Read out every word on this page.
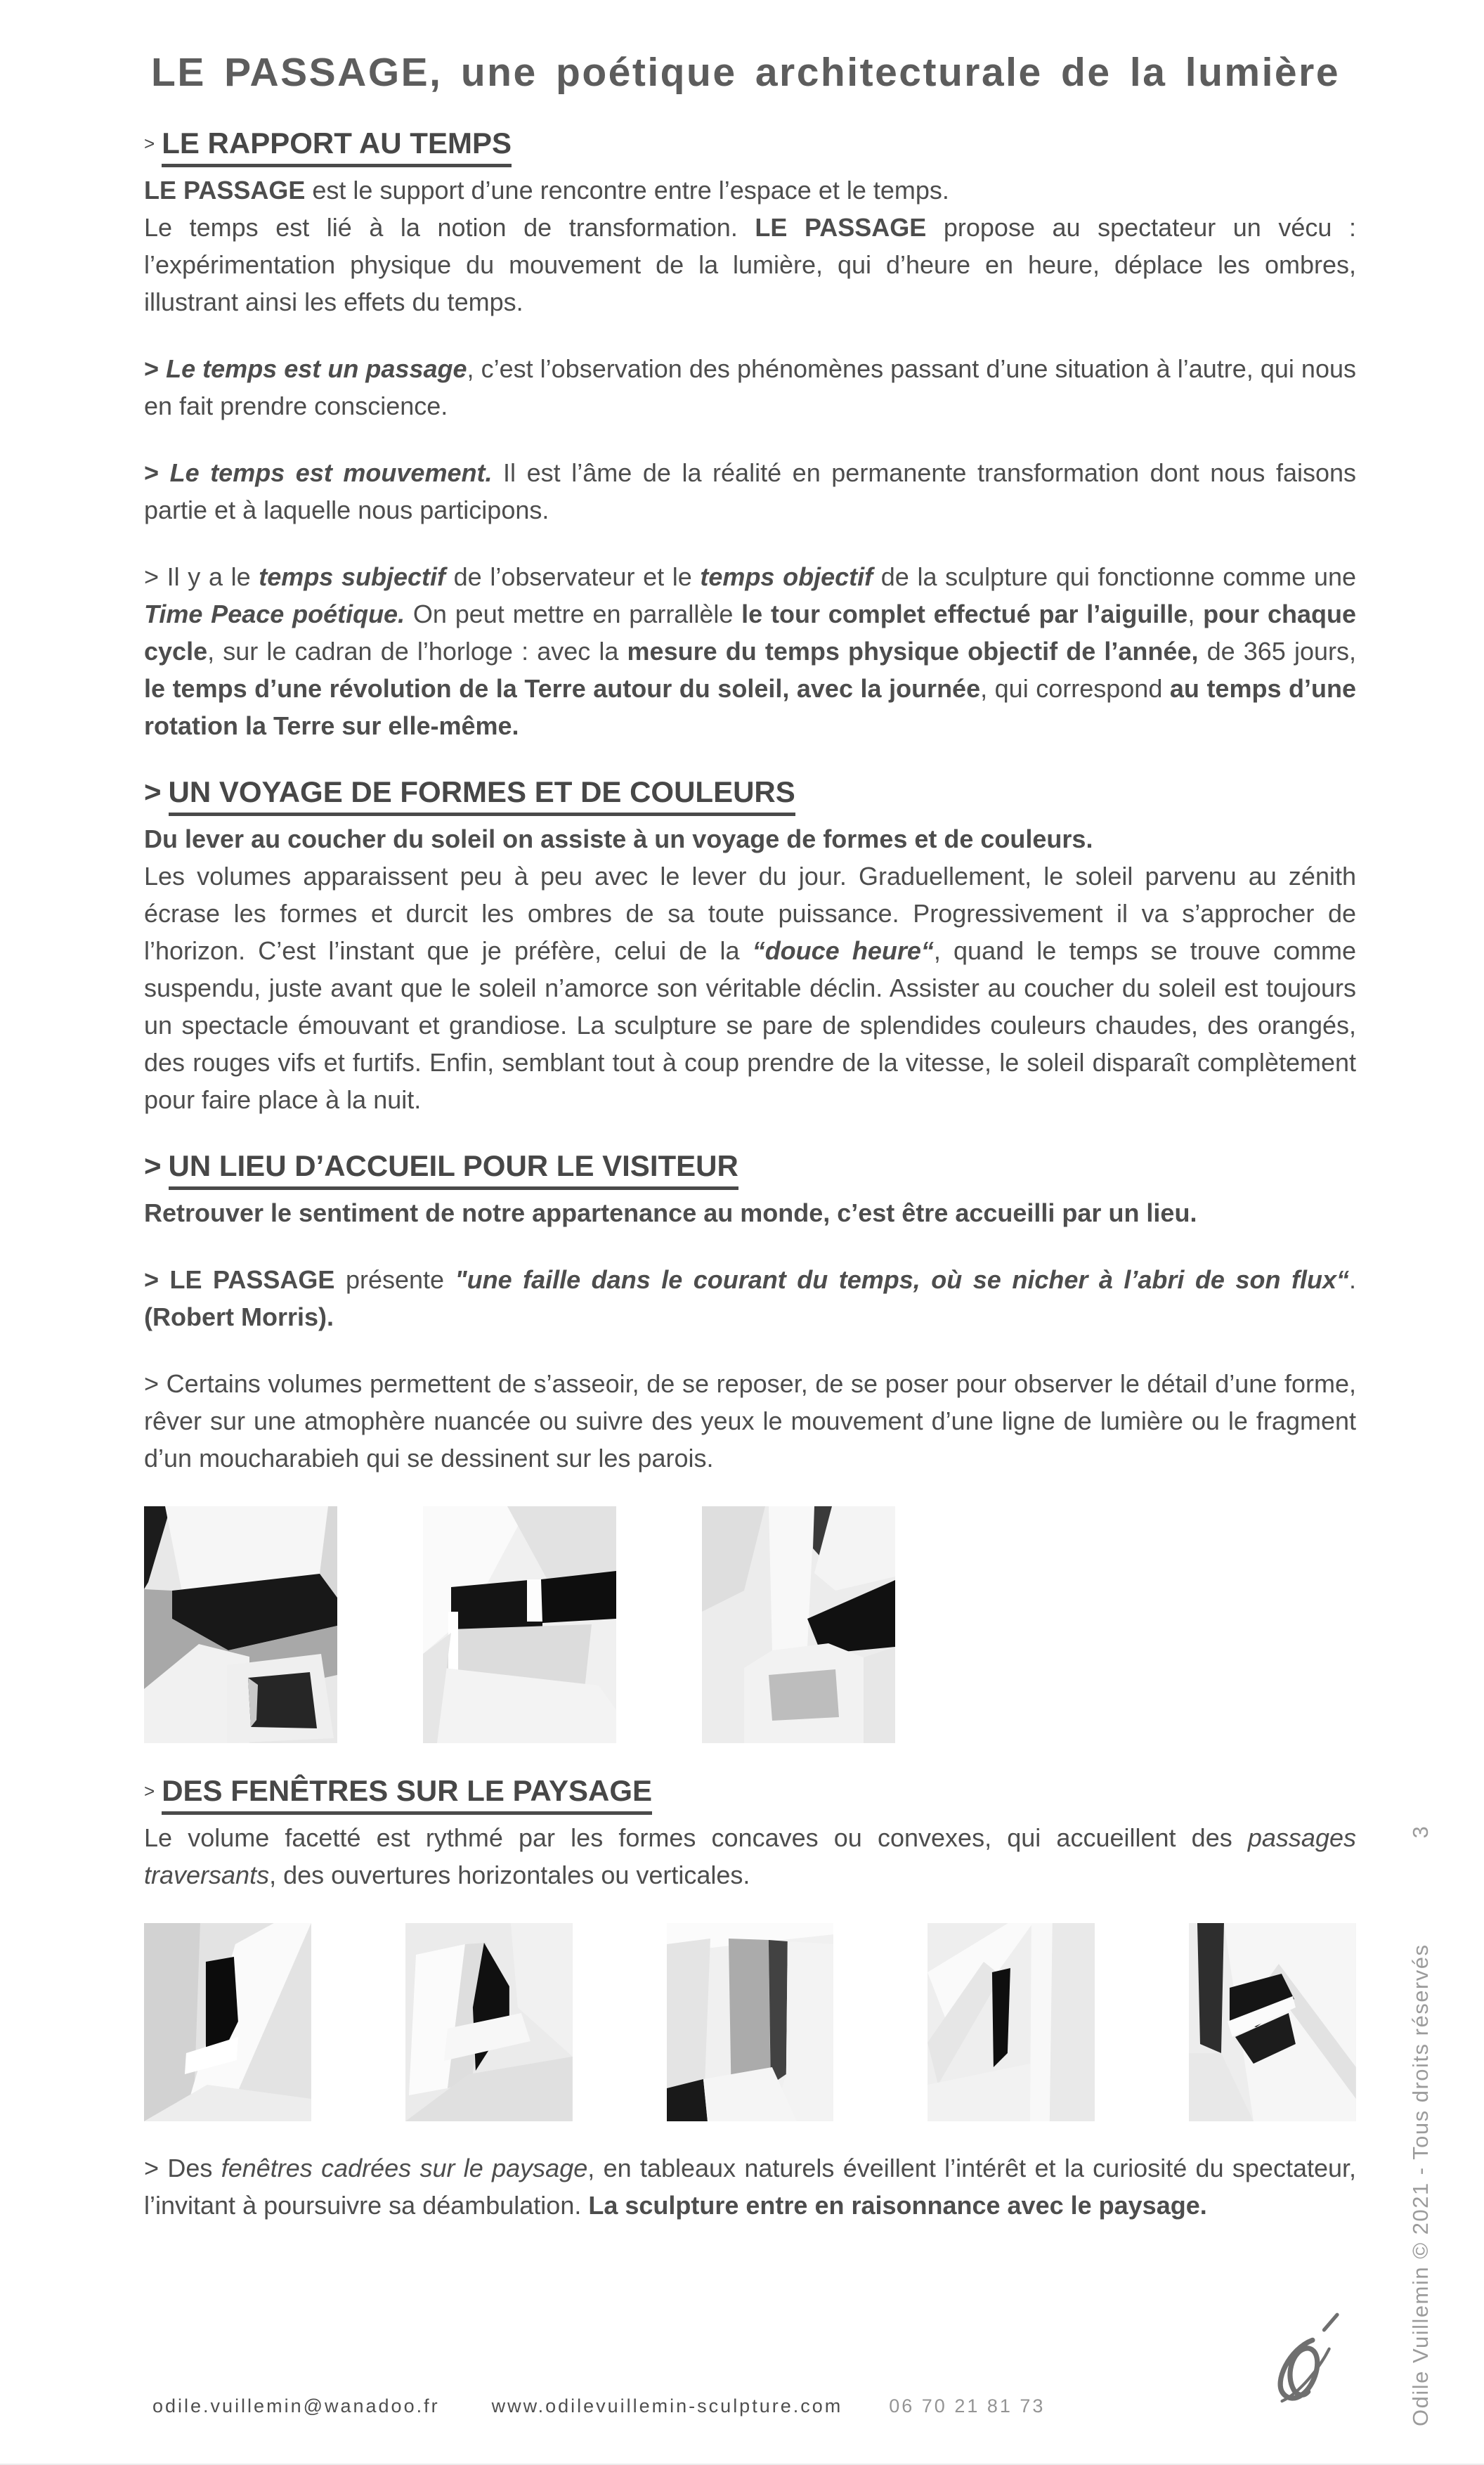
LE PASSAGE, une poétique architecturale de la lumière
> LE RAPPORT AU TEMPS

LE PASSAGE est le support d’une rencontre entre l’espace et le temps.

Le temps est lié à la notion de transformation. LE PASSAGE propose au spectateur un vécu : l’expérimentation physique du mouvement de la lumière, qui d’heure en heure, déplace les ombres, illustrant ainsi les effets du temps.

> Le temps est un passage, c’est l’observation des phénomènes passant d’une situation à l’autre, qui nous en fait prendre conscience.

> Le temps est mouvement. Il est l’âme de la réalité en permanente transformation dont nous faisons partie et à laquelle nous participons.

> Il y a le temps subjectif de l’observateur et le temps objectif de la sculpture qui fonctionne comme une Time Peace poétique. On peut mettre en parrallèle le tour complet effectué par l’aiguille, pour chaque cycle, sur le cadran de l’horloge : avec la mesure du temps physique objectif de l’année, de 365 jours, le temps d’une révolution de la Terre autour du soleil, avec la journée, qui correspond au temps d’une rotation la Terre sur elle-même.

> UN VOYAGE DE FORMES ET DE COULEURS

Du lever au coucher du soleil on assiste à un voyage de formes et de couleurs.

Les volumes apparaissent peu à peu avec le lever du jour. Graduellement, le soleil parvenu au zénith écrase les formes et durcit les ombres de sa toute puissance. Progressivement il va s’approcher de l’horizon. C’est l’instant que je préfère, celui de la “douce heure“, quand le temps se trouve comme suspendu, juste avant que le soleil n’amorce son véritable déclin. Assister au coucher du soleil est toujours un spectacle émouvant et grandiose. La sculpture se pare de splendides couleurs chaudes, des orangés, des rouges vifs et furtifs. Enfin, semblant tout à coup prendre de la vitesse, le soleil disparaît complètement pour faire place à la nuit.

> UN LIEU D’ACCUEIL POUR LE VISITEUR

Retrouver le sentiment de notre appartenance au monde, c’est être accueilli par un lieu.

> LE PASSAGE présente "une faille dans le courant du temps, où se nicher à l’abri de son flux“. (Robert Morris).

> Certains volumes permettent de s’asseoir, de se reposer, de se poser pour observer le détail d’une forme, rêver sur une atmophère nuancée ou suivre des yeux le mouvement d’une ligne de lumière ou le fragment d’un moucharabieh qui se dessinent sur les parois.

> DES FENÊTRES SUR LE PAYSAGE

Le volume facetté est rythmé par les formes concaves ou convexes, qui accueillent des passages traversants, des ouvertures horizontales ou verticales.

> Des fenêtres cadrées sur le paysage, en tableaux naturels éveillent l’intérêt et la curiosité du spectateur, l’invitant à poursuivre sa déambulation. La sculpture entre en raisonnance avec le paysage.

odile.vuillemin@wanadoo.fr	www.odilevuillemin-sculpture.com 06 70 21 81 73	Odile Vuillemin © 2021 - Tous droits réservés3
